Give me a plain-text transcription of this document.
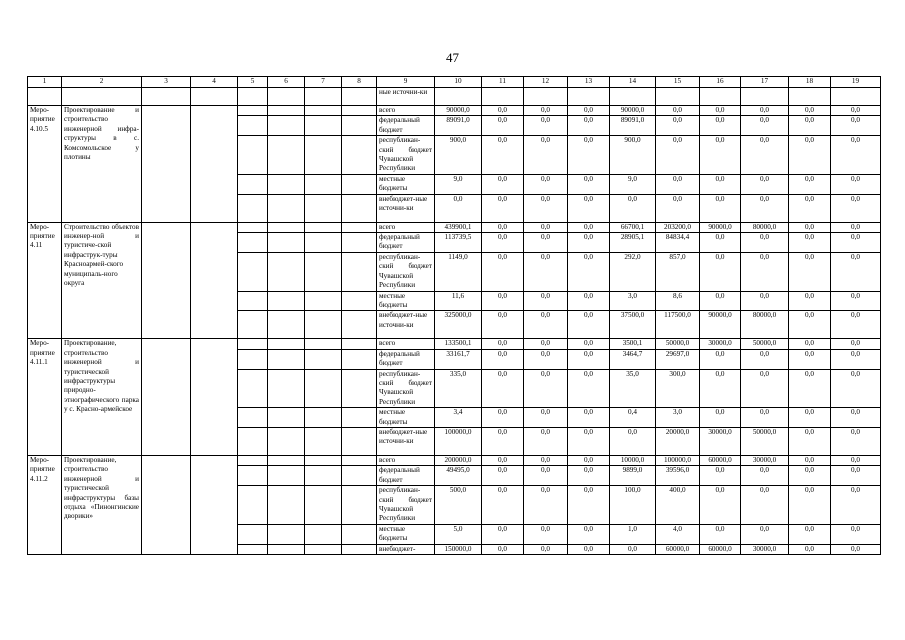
47
1	2	3	4	5	6	7	8	9	10	11	12	13	14	15	16	17	18	19
								ные источни-ки										
Меро-приятие 4.10.5	Проектирование и строительство инженерной инфра-структуры в с. Комсомольское у плотины							всего	90000,0	0,0	0,0	0,0	90000,0	0,0	0,0	0,0	0,0	0,0
								федеральный бюджет	89091,0	0,0	0,0	0,0	89091,0	0,0	0,0	0,0	0,0	0,0
								республикан-ский бюджет Чувашской Республики	900,0	0,0	0,0	0,0	900,0	0,0	0,0	0,0	0,0	0,0
								местные бюджеты	9,0	0,0	0,0	0,0	9,0	0,0	0,0	0,0	0,0	0,0
								внебюджет-ные источни-ки	0,0	0,0	0,0	0,0	0,0	0,0	0,0	0,0	0,0	0,0
Меро-приятие 4.11	Строительство объектов инженер-ной и туристиче-ской инфраструк-туры Красноармей-ского муниципаль-ного округа							всего	439900,1	0,0	0,0	0,0	66700,1	203200,0	90000,0	80000,0	0,0	0,0
								федеральный бюджет	113739,5	0,0	0,0	0,0	28905,1	84834,4	0,0	0,0	0,0	0,0
								республикан-ский бюджет Чувашской Республики	1149,0	0,0	0,0	0,0	292,0	857,0	0,0	0,0	0,0	0,0
								местные бюджеты	11,6	0,0	0,0	0,0	3,0	8,6	0,0	0,0	0,0	0,0
								внебюджет-ные источни-ки	325000,0	0,0	0,0	0,0	37500,0	117500,0	90000,0	80000,0	0,0	0,0
Меро-приятие 4.11.1	Проектирование, строительство инженерной и туристической инфраструктуры природно-этнографического парка у с. Красно-армейское							всего	133500,1	0,0	0,0	0,0	3500,1	50000,0	30000,0	50000,0	0,0	0,0
								федеральный бюджет	33161,7	0,0	0,0	0,0	3464,7	29697,0	0,0	0,0	0,0	0,0
								республикан-ский бюджет Чувашской Республики	335,0	0,0	0,0	0,0	35,0	300,0	0,0	0,0	0,0	0,0
								местные бюджеты	3,4	0,0	0,0	0,0	0,4	3,0	0,0	0,0	0,0	0,0
								внебюджет-ные источни-ки	100000,0	0,0	0,0	0,0	0,0	20000,0	30000,0	50000,0	0,0	0,0
Меро-приятие 4.11.2	Проектирование, строительство инженерной и туристической инфраструктуры базы отдыха «Пинонгинские дворики»							всего	200000,0	0,0	0,0	0,0	10000,0	100000,0	60000,0	30000,0	0,0	0,0
								федеральный бюджет	49495,0	0,0	0,0	0,0	9899,0	39596,0	0,0	0,0	0,0	0,0
								республикан-ский бюджет Чувашской Республики	500,0	0,0	0,0	0,0	100,0	400,0	0,0	0,0	0,0	0,0
								местные бюджеты	5,0	0,0	0,0	0,0	1,0	4,0	0,0	0,0	0,0	0,0
								внебюджет-	150000,0	0,0	0,0	0,0	0,0	60000,0	60000,0	30000,0	0,0	0,0
